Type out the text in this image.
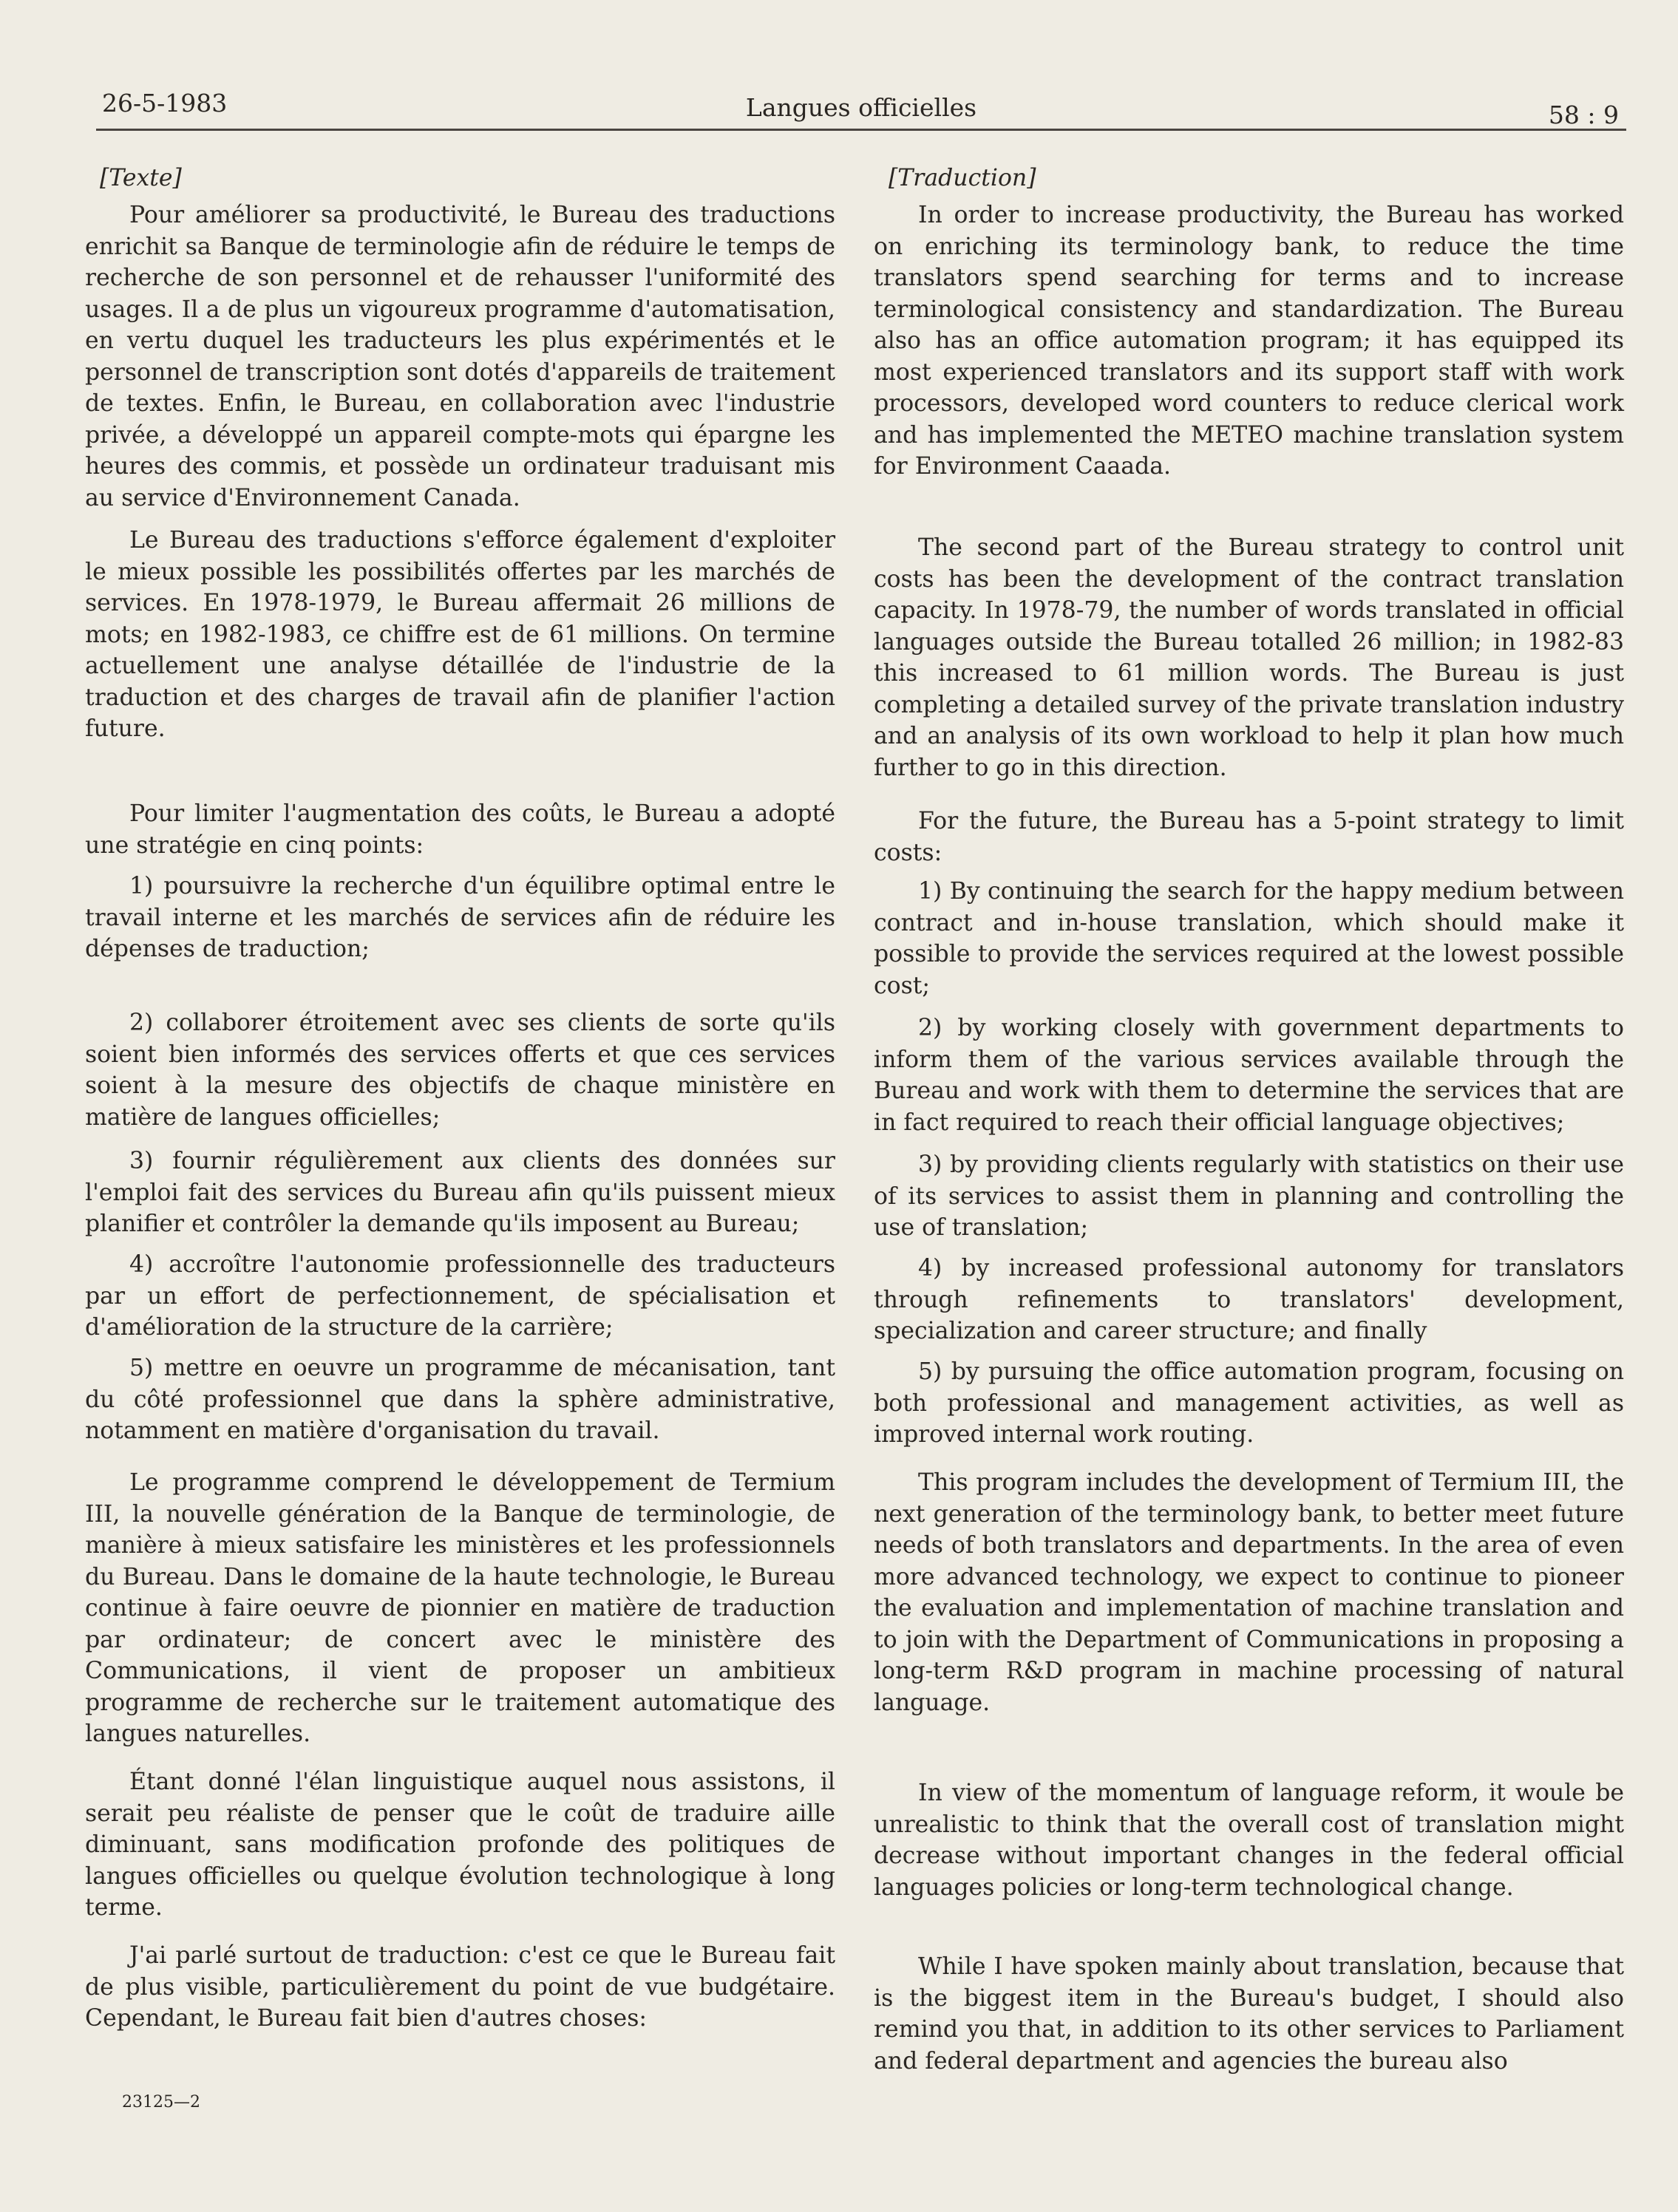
26-5-1983	Langues officielles	58 : 9

[Texte]

Pour améliorer sa productivité, le Bureau des traductions enrichit sa Banque de terminologie afin de réduire le temps de recherche de son personnel et de rehausser l'uniformité des usages. Il a de plus un vigoureux programme d'automatisation, en vertu duquel les traducteurs les plus expérimentés et le personnel de transcription sont dotés d'appareils de traitement de textes. Enfin, le Bureau, en collaboration avec l'industrie privée, a développé un appareil compte-mots qui épargne les heures des commis, et possède un ordinateur traduisant mis au service d'Environnement Canada.

Le Bureau des traductions s'efforce également d'exploiter le mieux possible les possibilités offertes par les marchés de services. En 1978-1979, le Bureau affermait 26 millions de mots; en 1982-1983, ce chiffre est de 61 millions. On termine actuellement une analyse détaillée de l'industrie de la traduction et des charges de travail afin de planifier l'action future.

Pour limiter l'augmentation des coûts, le Bureau a adopté une stratégie en cinq points:

1) poursuivre la recherche d'un équilibre optimal entre le travail interne et les marchés de services afin de réduire les dépenses de traduction;

2) collaborer étroitement avec ses clients de sorte qu'ils soient bien informés des services offerts et que ces services soient à la mesure des objectifs de chaque ministère en matière de langues officielles;

3) fournir régulièrement aux clients des données sur l'emploi fait des services du Bureau afin qu'ils puissent mieux planifier et contrôler la demande qu'ils imposent au Bureau;

4) accroître l'autonomie professionnelle des traducteurs par un effort de perfectionnement, de spécialisation et d'amélioration de la structure de la carrière;

5) mettre en oeuvre un programme de mécanisation, tant du côté professionnel que dans la sphère administrative, notamment en matière d'organisation du travail.

Le programme comprend le développement de Termium III, la nouvelle génération de la Banque de terminologie, de manière à mieux satisfaire les ministères et les professionnels du Bureau. Dans le domaine de la haute technologie, le Bureau continue à faire oeuvre de pionnier en matière de traduction par ordinateur; de concert avec le ministère des Communications, il vient de proposer un ambitieux programme de recherche sur le traitement automatique des langues naturelles.

Étant donné l'élan linguistique auquel nous assistons, il serait peu réaliste de penser que le coût de traduire aille diminuant, sans modification profonde des politiques de langues officielles ou quelque évolution technologique à long terme.

J'ai parlé surtout de traduction: c'est ce que le Bureau fait de plus visible, particulièrement du point de vue budgétaire. Cependant, le Bureau fait bien d'autres choses:

[Traduction]

In order to increase productivity, the Bureau has worked on enriching its terminology bank, to reduce the time translators spend searching for terms and to increase terminological consistency and standardization. The Bureau also has an office automation program; it has equipped its most experienced translators and its support staff with work processors, developed word counters to reduce clerical work and has implemented the METEO machine translation system for Environment Caaada.

The second part of the Bureau strategy to control unit costs has been the development of the contract translation capacity. In 1978-79, the number of words translated in official languages outside the Bureau totalled 26 million; in 1982-83 this increased to 61 million words. The Bureau is just completing a detailed survey of the private translation industry and an analysis of its own workload to help it plan how much further to go in this direction.

For the future, the Bureau has a 5-point strategy to limit costs:

1) By continuing the search for the happy medium between contract and in-house translation, which should make it possible to provide the services required at the lowest possible cost;

2) by working closely with government departments to inform them of the various services available through the Bureau and work with them to determine the services that are in fact required to reach their official language objectives;

3) by providing clients regularly with statistics on their use of its services to assist them in planning and controlling the use of translation;

4) by increased professional autonomy for translators through refinements to translators' development, specialization and career structure; and finally

5) by pursuing the office automation program, focusing on both professional and management activities, as well as improved internal work routing.

This program includes the development of Termium III, the next generation of the terminology bank, to better meet future needs of both translators and departments. In the area of even more advanced technology, we expect to continue to pioneer the evaluation and implementation of machine translation and to join with the Department of Communications in proposing a long-term R&D program in machine processing of natural language.

In view of the momentum of language reform, it woule be unrealistic to think that the overall cost of translation might decrease without important changes in the federal official languages policies or long-term technological change.

While I have spoken mainly about translation, because that is the biggest item in the Bureau's budget, I should also remind you that, in addition to its other services to Parliament and federal department and agencies the bureau also

23125—2
